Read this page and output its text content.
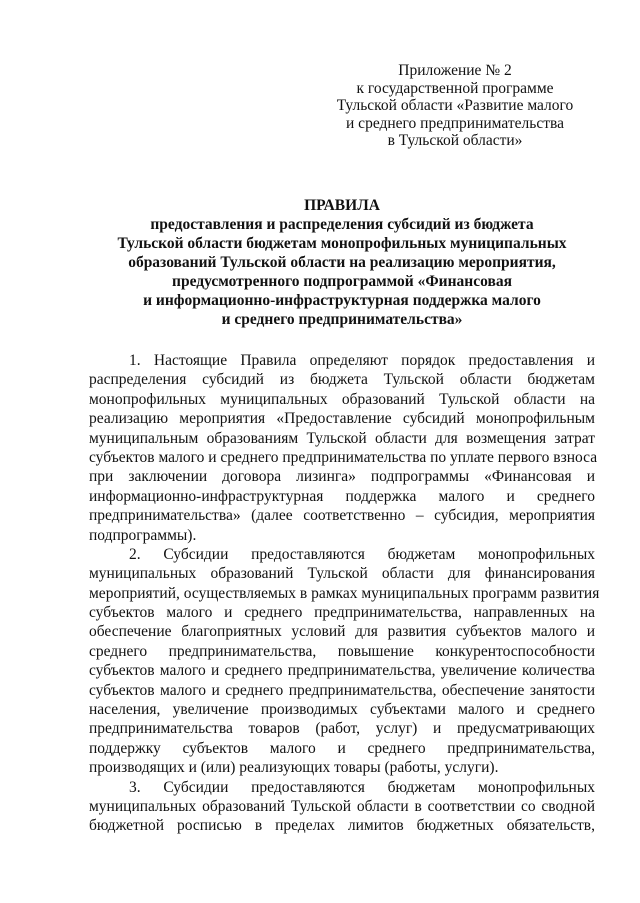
Приложение № 2
к государственной программе
Тульской области «Развитие малого
и среднего предпринимательства
в Тульской области»
ПРАВИЛА
предоставления и распределения субсидий из бюджета
Тульской области бюджетам монопрофильных муниципальных
образований Тульской области на реализацию мероприятия,
предусмотренного подпрограммой «Финансовая
и информационно-инфраструктурная поддержка малого
и среднего предпринимательства»
1. Настоящие Правила определяют порядок предоставления и
распределения субсидий из бюджета Тульской области бюджетам
монопрофильных муниципальных образований Тульской области на
реализацию мероприятия «Предоставление субсидий монопрофильным
муниципальным образованиям Тульской области для возмещения затрат
субъектов малого и среднего предпринимательства по уплате первого взноса
при заключении договора лизинга» подпрограммы «Финансовая и
информационно-инфраструктурная поддержка малого и среднего
предпринимательства» (далее соответственно – субсидия, мероприятия
подпрограммы).
2. Субсидии предоставляются бюджетам монопрофильных
муниципальных образований Тульской области для финансирования
мероприятий, осуществляемых в рамках муниципальных программ развития
субъектов малого и среднего предпринимательства, направленных на
обеспечение благоприятных условий для развития субъектов малого и
среднего предпринимательства, повышение конкурентоспособности
субъектов малого и среднего предпринимательства, увеличение количества
субъектов малого и среднего предпринимательства, обеспечение занятости
населения, увеличение производимых субъектами малого и среднего
предпринимательства товаров (работ, услуг) и предусматривающих
поддержку субъектов малого и среднего предпринимательства,
производящих и (или) реализующих товары (работы, услуги).
3. Субсидии предоставляются бюджетам монопрофильных
муниципальных образований Тульской области в соответствии со сводной
бюджетной росписью в пределах лимитов бюджетных обязательств,
